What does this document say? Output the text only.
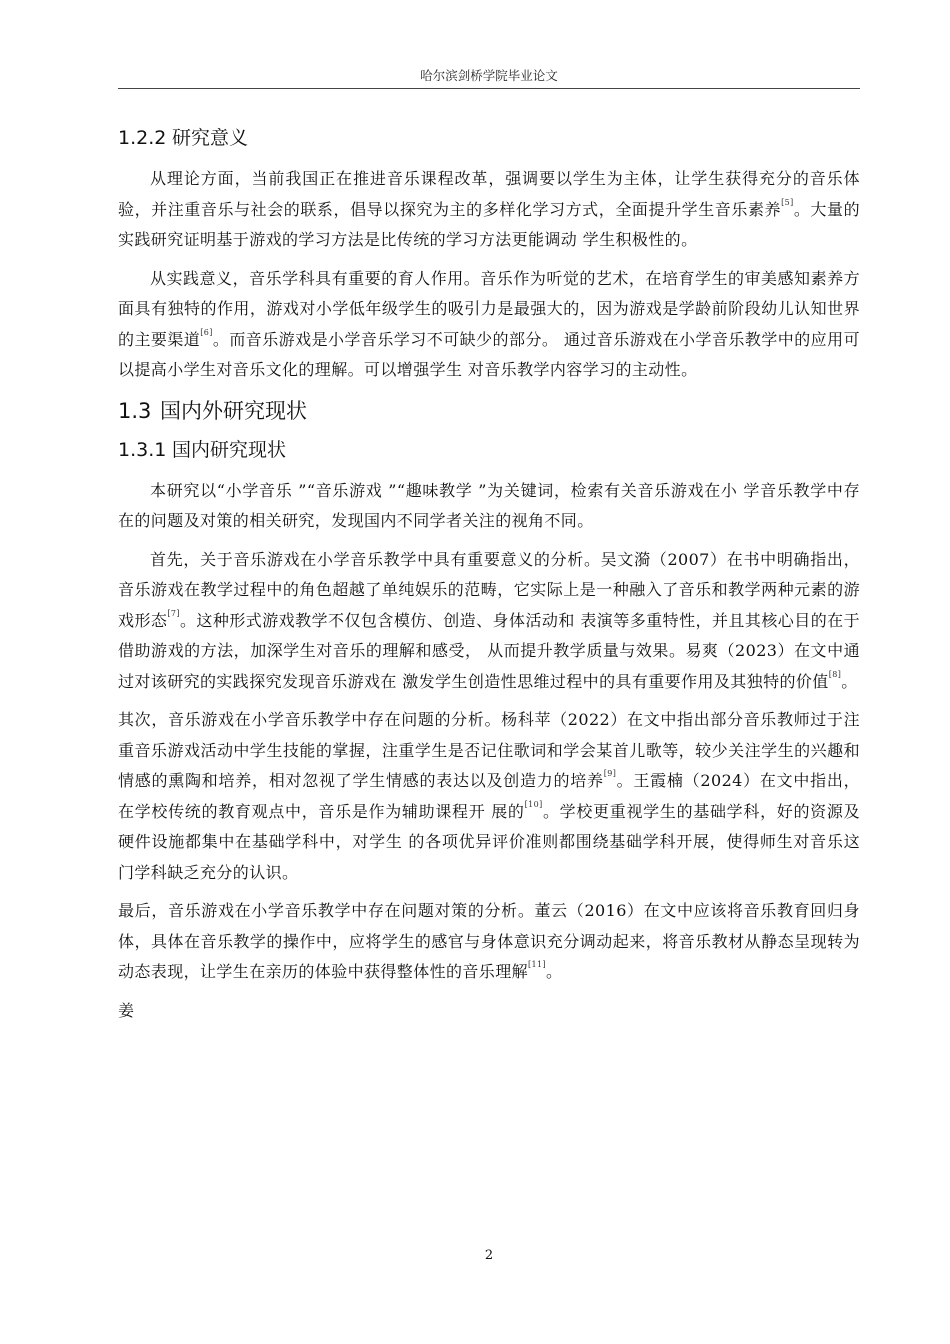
哈尔滨剑桥学院毕业论文
1.2.2 研究意义

从理论方面，当前我国正在推进音乐课程改革，强调要以学生为主体，让学生获得充分的音乐体验，并注重音乐与社会的联系，倡导以探究为主的多样化学习方式，全面提升学生音乐素养[5]。大量的实践研究证明基于游戏的学习方法是比传统的学习方法更能调动 学生积极性的。

从实践意义，音乐学科具有重要的育人作用。音乐作为听觉的艺术，在培育学生的审美感知素养方面具有独特的作用，游戏对小学低年级学生的吸引力是最强大的，因为游戏是学龄前阶段幼儿认知世界的主要渠道[6]。而音乐游戏是小学音乐学习不可缺少的部分。 通过音乐游戏在小学音乐教学中的应用可以提高小学生对音乐文化的理解。可以增强学生 对音乐教学内容学习的主动性。

1.3 国内外研究现状
1.3.1 国内研究现状

本研究以“小学音乐 ”“音乐游戏 ”“趣味教学 ”为关键词，检索有关音乐游戏在小 学音乐教学中存在的问题及对策的相关研究，发现国内不同学者关注的视角不同。

首先，关于音乐游戏在小学音乐教学中具有重要意义的分析。吴文漪（2007）在书中明确指出，音乐游戏在教学过程中的角色超越了单纯娱乐的范畴，它实际上是一种融入了音乐和教学两种元素的游戏形态[7]。这种形式游戏教学不仅包含模仿、创造、身体活动和 表演等多重特性，并且其核心目的在于借助游戏的方法，加深学生对音乐的理解和感受， 从而提升教学质量与效果。易爽（2023）在文中通过对该研究的实践探究发现音乐游戏在 激发学生创造性思维过程中的具有重要作用及其独特的价值[8]。

其次，音乐游戏在小学音乐教学中存在问题的分析。杨科苹（2022）在文中指出部分音乐教师过于注重音乐游戏活动中学生技能的掌握，注重学生是否记住歌词和学会某首儿歌等，较少关注学生的兴趣和情感的熏陶和培养，相对忽视了学生情感的表达以及创造力的培养[9]。王霞楠（2024）在文中指出，在学校传统的教育观点中，音乐是作为辅助课程开 展的[10]。学校更重视学生的基础学科，好的资源及硬件设施都集中在基础学科中，对学生 的各项优异评价准则都围绕基础学科开展，使得师生对音乐这门学科缺乏充分的认识。

最后，音乐游戏在小学音乐教学中存在问题对策的分析。董云（2016）在文中应该将音乐教育回归身体，具体在音乐教学的操作中，应将学生的感官与身体意识充分调动起来，将音乐教材从静态呈现转为动态表现，让学生在亲历的体验中获得整体性的音乐理解[11]。

姜

2
